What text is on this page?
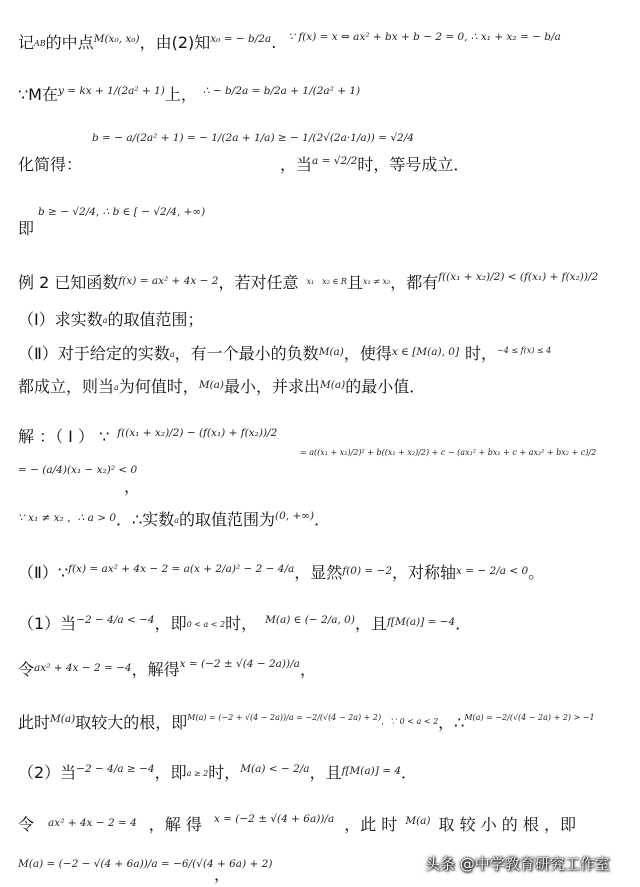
记AB的中点$^{M(x_0, x_0)}$，由(2)知$^{x_0 = - b/2a}$. $^{\because f(x) = x \Leftrightarrow ax^2 + bx + b - 2 = 0, \therefore x_1 + x_2 = - b/a}$
∵M在$^{y = kx + 1/(2a^2 + 1)}$上， $^{\therefore - b/2a = b/2a + 1/(2a^2 + 1)}$
b = − a/(2a² + 1) = − 1/(2a + 1/a) ≥ − 1/(2√(2a·1/a)) = √2/4
化简得：	，当$^{a = √2/2}$时，等号成立．
b ≥ − √2/4, ∴ b ∈ [ − √2/4, +∞)
即
例 2 已知函数$^{f(x) = ax^2 + 4x - 2}$，若对任意 $^{x_1}$ $^{x_2 \in R}$且$^{x_1 \ne x_2}$，都有$^{f((x_1 + x_2)/2) < (f(x_1) + f(x_2))/2}$
（Ⅰ）求实数a的取值范围；
（Ⅱ）对于给定的实数a，有一个最小的负数$^{M(a)}$，使得$^{x \in [M(a), 0]}$ 时，$^{-4 \le f(x) \le 4}$
都成立，则当a为何值时，$^{M(a)}$最小，并求出$^{M(a)}$的最小值．
解 ：（ Ⅰ ） ∵ $^{f((x_1 + x_2)/2) - (f(x_1) + f(x_2))/2}$
= a((x₁ + x₂)/2)² + b((x₁ + x₂)/2) + c − (ax₁² + bx₁ + c + ax₂² + bx₂ + c)/2
= − (a/4)(x₁ − x₂)² < 0
，
$^{\because x_1 \ne x_2 ,\therefore a > 0}$．∴实数a的取值范围为$^{(0, +\infty)}$．
（Ⅱ）∵$^{f(x) = ax^2 + 4x - 2 = a(x + 2/a)^2 - 2 - 4/a}$，显然$^{f(0) = -2}$，对称轴$^{x = - 2/a < 0}$。
（1）当$^{-2 - 4/a < -4}$，即0 < a < 2时， $^{M(a) \in (- 2/a, 0)}$，且$^{f[M(a)] = -4}$．
令$^{ax^2 + 4x - 2 = -4}$，解得$^{x = (-2 \pm √(4 - 2a))/a}$，
此时$^{M(a)}$取较大的根，即$^{M(a) = (-2 + √(4 - 2a))/a = -2/(√(4 - 2a) + 2),\because 0 < a < 2}$，∴$^{M(a) = -2/(√(4 - 2a) + 2) > -1}$
（2）当$^{-2 - 4/a \ge -4}$，即a ≥ 2时，$^{M(a) < - 2/a}$，且$^{f[M(a)] = 4}$．
令 $^{ax^2 + 4x - 2 = 4}$ ，解 得 $^{x = (-2 \pm √(4 + 6a))/a}$ ，此 时 $^{M(a)}$ 取 较 小 的 根 ，即
M(a) = (−2 − √(4 + 6a))/a = −6/(√(4 + 6a) + 2)
，
头条 @中学教育研究工作室
